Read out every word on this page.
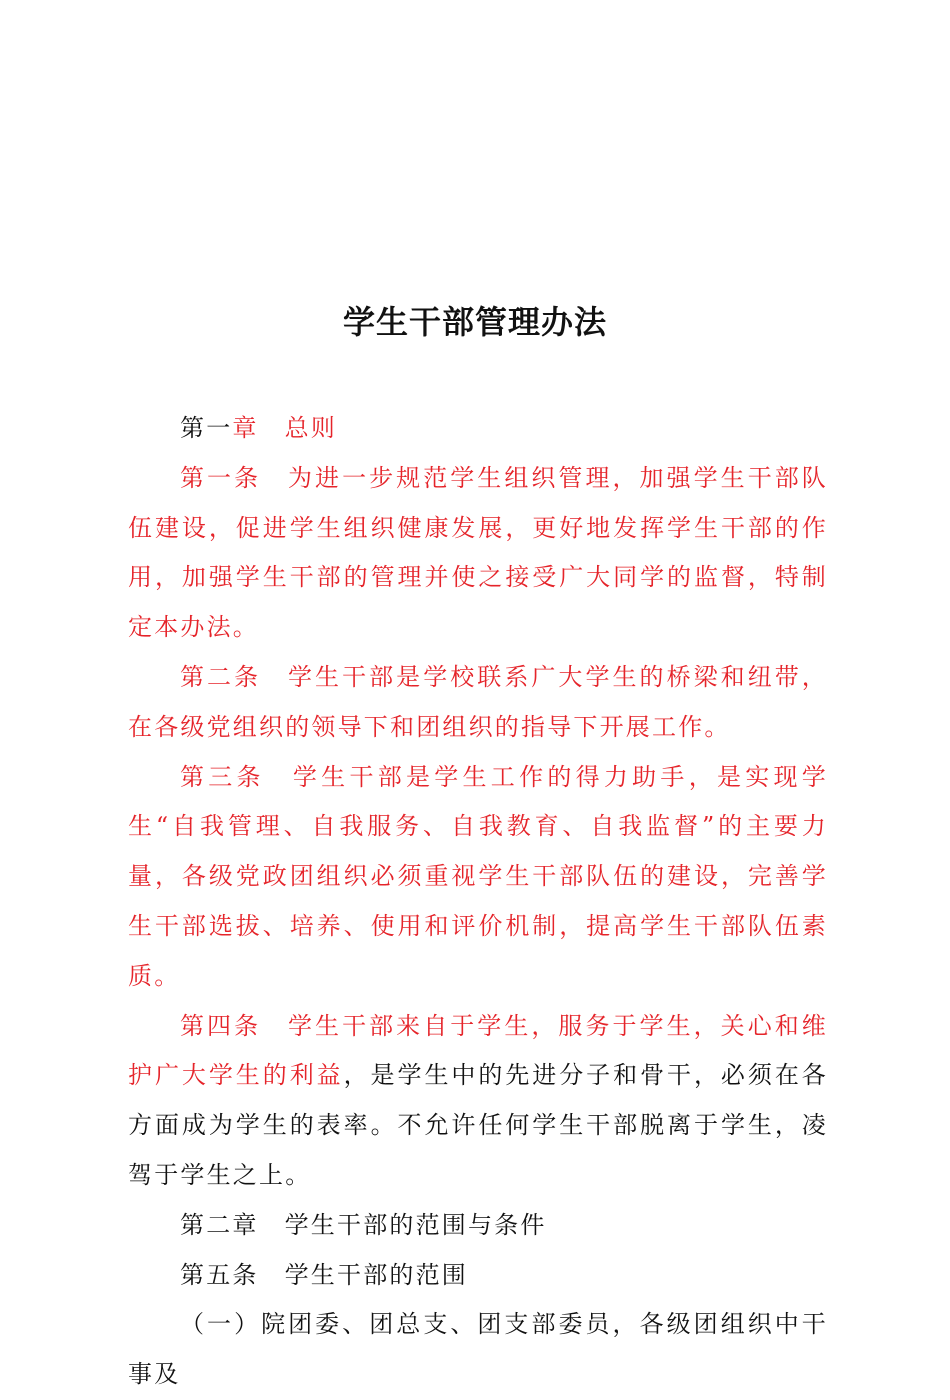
学生干部管理办法

第一章 总则

第一条 为进一步规范学生组织管理，加强学生干部队伍建设，促进学生组织健康发展，更好地发挥学生干部的作用，加强学生干部的管理并使之接受广大同学的监督，特制定本办法。

第二条 学生干部是学校联系广大学生的桥梁和纽带，在各级党组织的领导下和团组织的指导下开展工作。

第三条 学生干部是学生工作的得力助手，是实现学生“自我管理、自我服务、自我教育、自我监督”的主要力量，各级党政团组织必须重视学生干部队伍的建设，完善学生干部选拔、培养、使用和评价机制，提高学生干部队伍素质。

第四条 学生干部来自于学生，服务于学生，关心和维护广大学生的利益，是学生中的先进分子和骨干，必须在各方面成为学生的表率。不允许任何学生干部脱离于学生，凌驾于学生之上。

第二章 学生干部的范围与条件

第五条 学生干部的范围

（一）院团委、团总支、团支部委员，各级团组织中干事及
